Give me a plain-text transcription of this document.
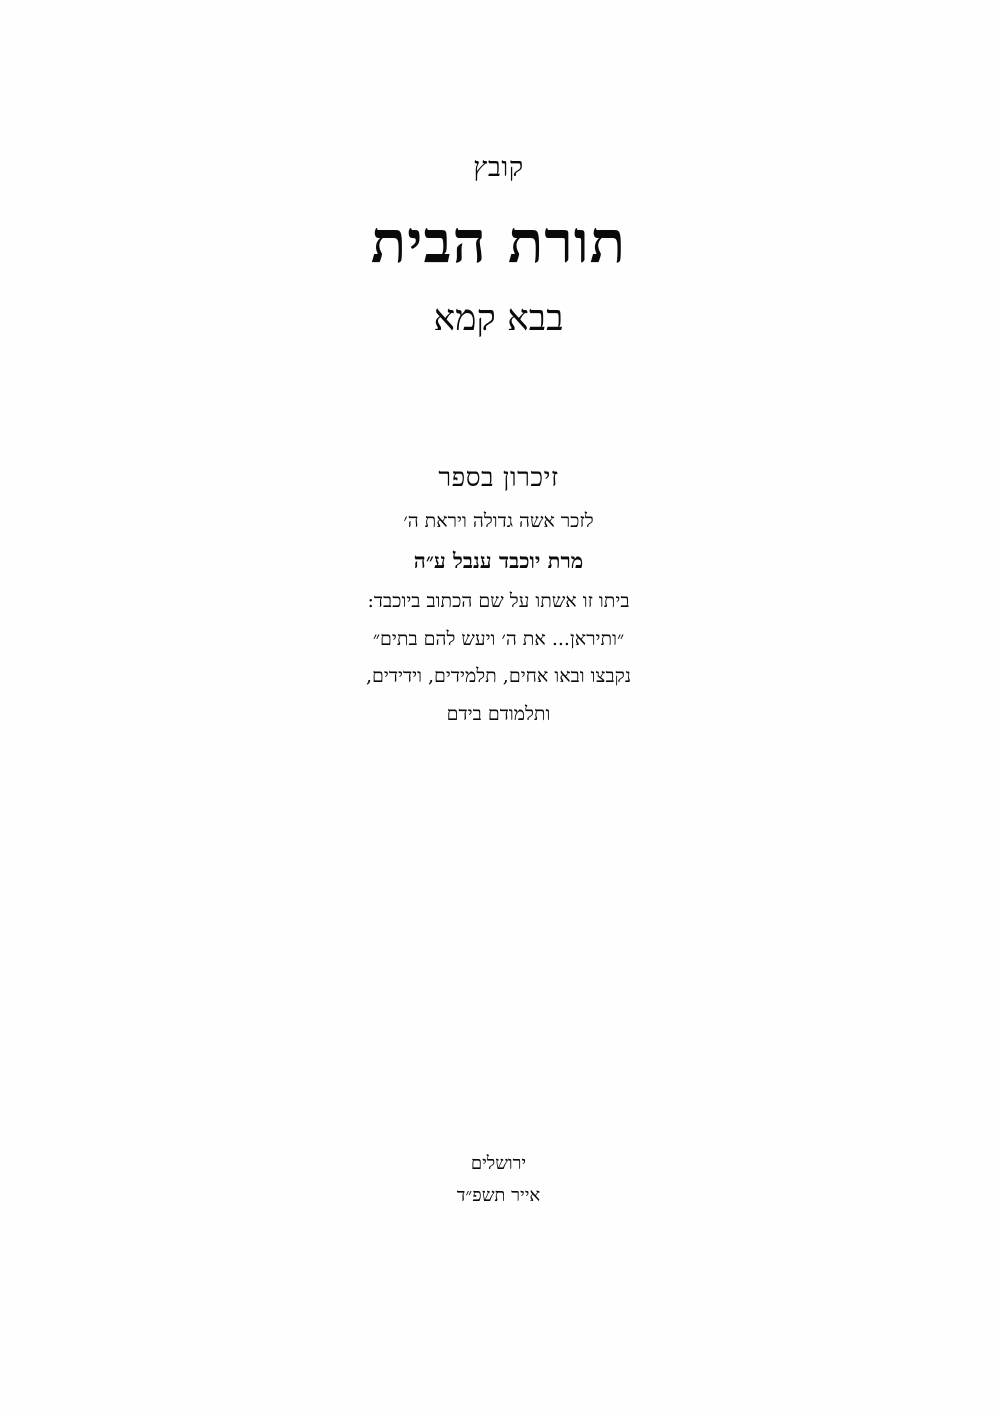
קובץ
תורת הבית
בבא קמא
זיכרון בספר
לזכר אשה גדולה ויראת ה׳
מרת יוכבד ענבל ע״ה
ביתו זו אשתו על שם הכתוב ביוכבד:
״ותיראן... את ה׳ ויעש להם בתים״
נקבצו ובאו אחים, תלמידים, וידידים,
ותלמודם בידם
ירושלים
אייר תשפ״ד
